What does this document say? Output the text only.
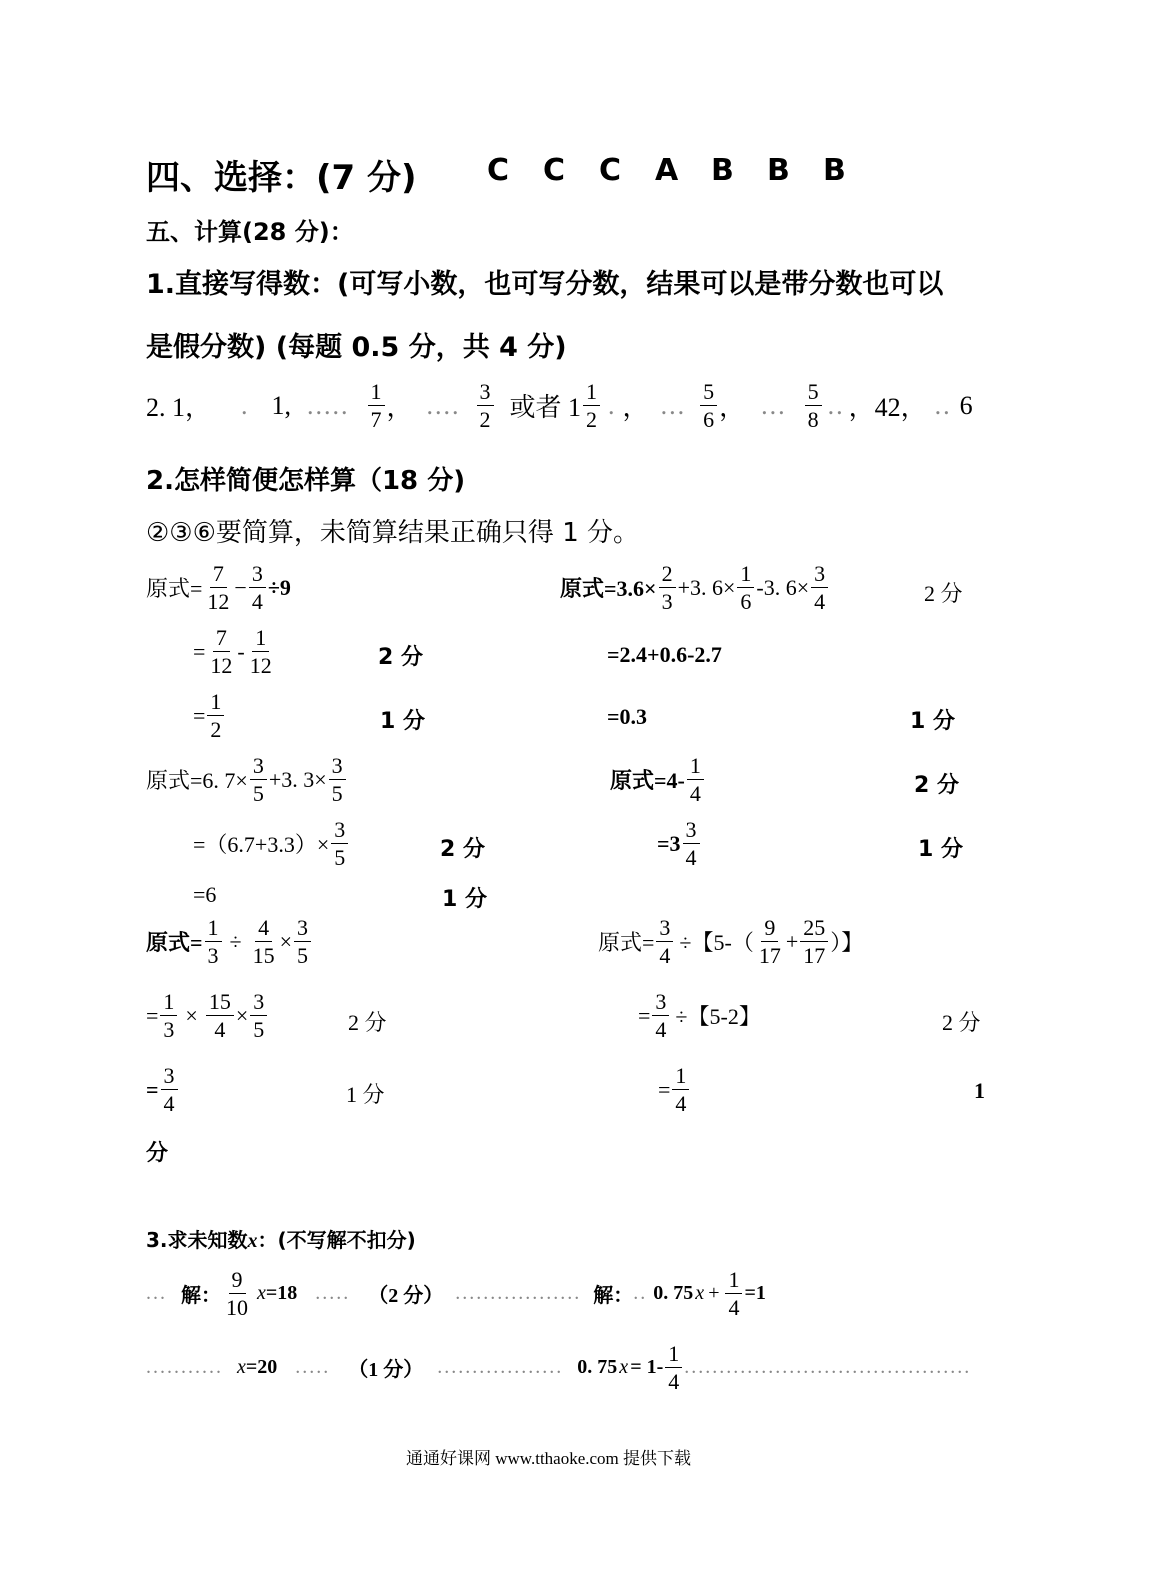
四、选择：(7 分) C C C A B B B
五、计算(28 分)：
1.直接写得数：(可写小数，也可写分数，结果可以是带分数也可以
是假分数) (每题 0.5 分，共 4 分)
2. 1， . 1, ..... $\frac{1}{7}$ ， .... $\frac{3}{2}$ 或者 $1 \frac{1}{2}$ . ， ... $\frac{5}{6}$ ， ... $\frac{5}{8}$ .. ，42， .. 6
2.怎样简便怎样算（18 分)
②③⑥要简算，未简算结果正确只得 1 分。
原式= $\frac{7}{12} - \frac{3}{4} \div 9$
= $\frac{7}{12} - \frac{1}{12}$	2 分
= $\frac{1}{2}$	1 分
原式$=3.6\times \frac{2}{3} +3$. $6\times \frac{1}{6} -3$. $6\times \frac{3}{4}$	2 分
=2.4+0.6-2.7
=0.3	1 分
原式=6. $7\times \frac{3}{5} +3$. $3\times \frac{3}{5}$
$=(6.7+3.3)\times \frac{3}{5}$	2 分
=6	1 分
原式$=4- \frac{1}{4}$	2 分
$=3 \frac{3}{4}$	1 分
原式= $\frac{1}{3} \div \frac{4}{15} \times \frac{3}{5}$
= $\frac{1}{3} \times \frac{15}{4} \times \frac{3}{5}$	2 分
= $\frac{3}{4}$	1 分
分
原式= $\frac{3}{4}$ ÷【$5-( \frac{9}{17} + \frac{25}{17}$ ）】
= $\frac{3}{4}$ ÷【5-2】	2 分
= $\frac{1}{4}$	1
3.求未知数x：(不写解不扣分)
... 解： $\frac{9}{10}$ x =18 ..... （2 分） .................. 解： .. 0. 75 $x + \frac{1}{4} =1$
........... x =20 ..... （1 分） .................. 0. 75 $x = 1- \frac{1}{4}$ .........................................
通通好课网 www.tthaoke.com 提供下载
